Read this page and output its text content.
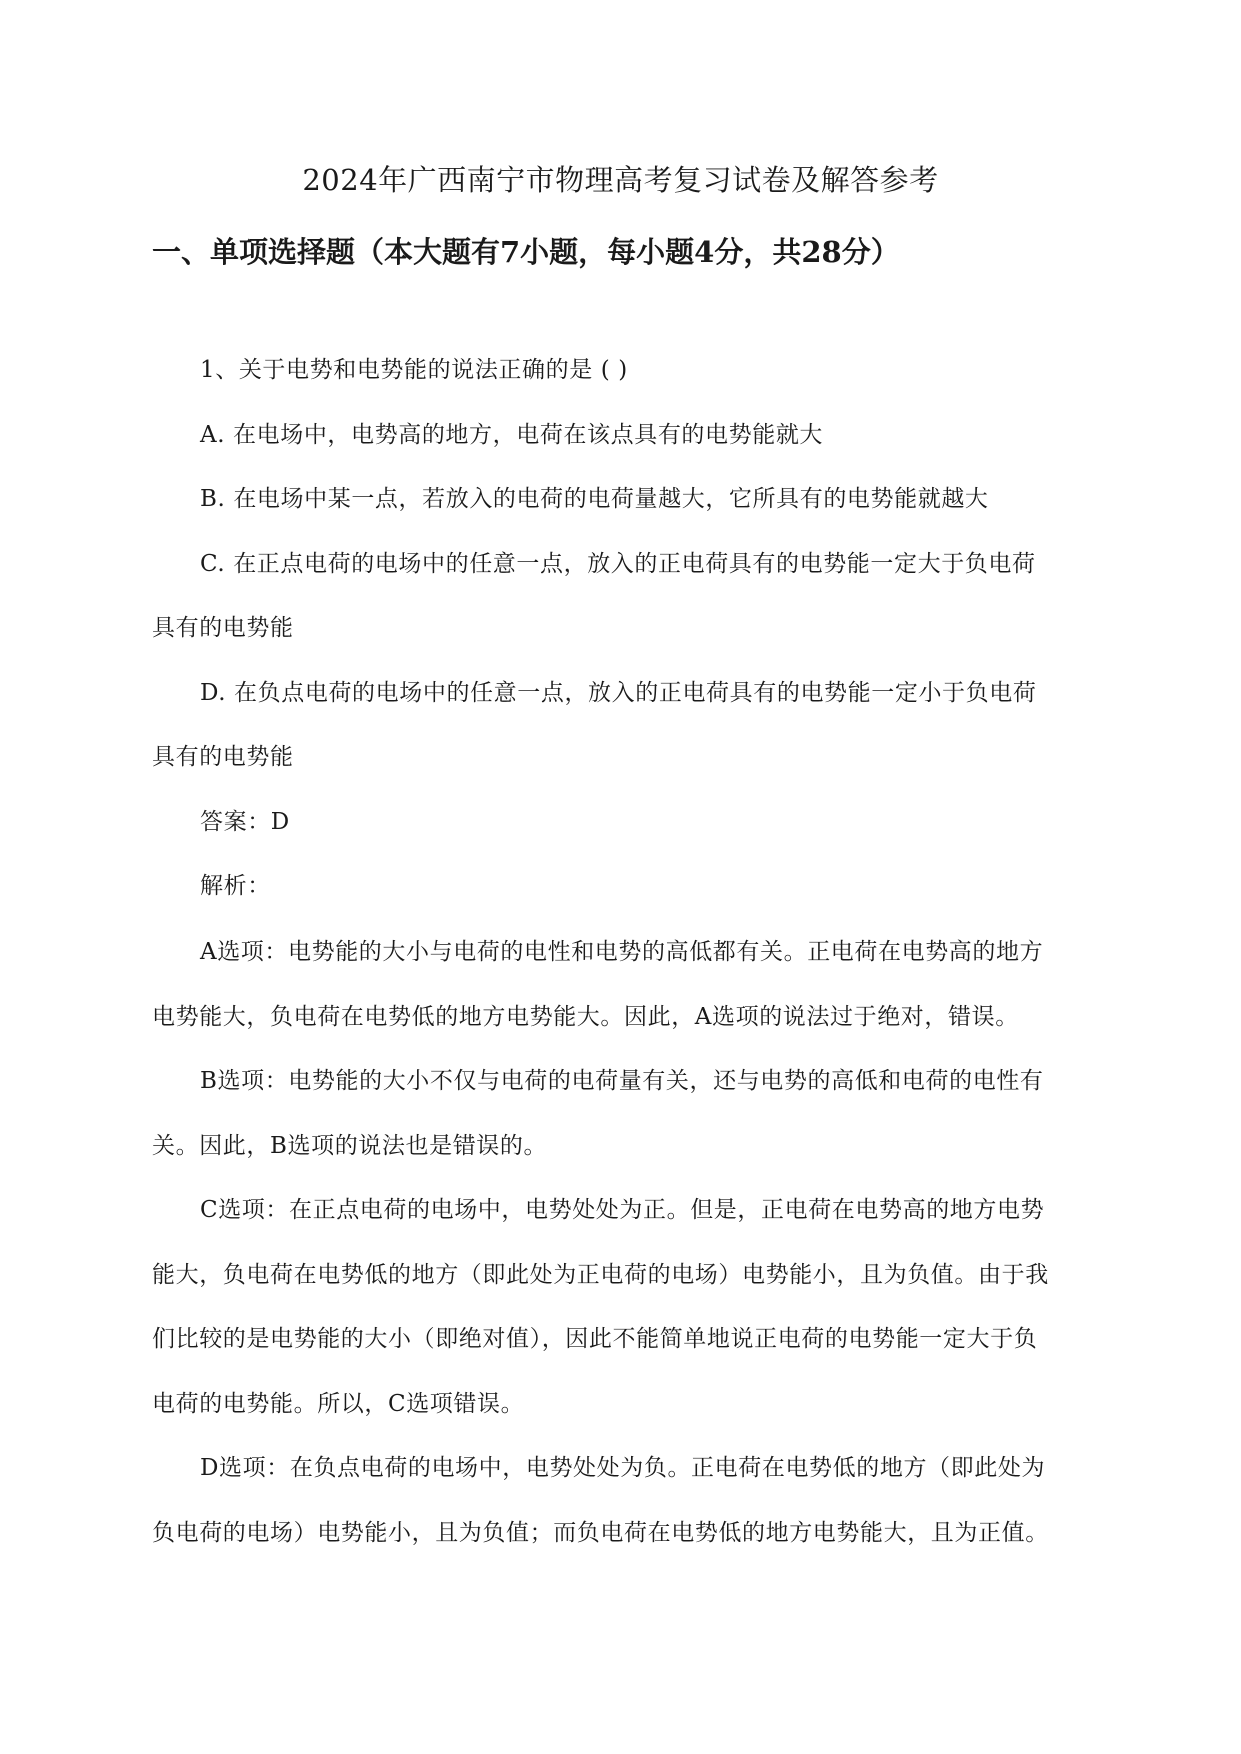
2024年广西南宁市物理高考复习试卷及解答参考
一、单项选择题（本大题有7小题，每小题4分，共28分）
1、关于电势和电势能的说法正确的是 ( )
A. 在电场中，电势高的地方，电荷在该点具有的电势能就大
B. 在电场中某一点，若放入的电荷的电荷量越大，它所具有的电势能就越大
C. 在正点电荷的电场中的任意一点，放入的正电荷具有的电势能一定大于负电荷
具有的电势能
D. 在负点电荷的电场中的任意一点，放入的正电荷具有的电势能一定小于负电荷
具有的电势能
答案：D
解析：
A选项：电势能的大小与电荷的电性和电势的高低都有关。正电荷在电势高的地方
电势能大，负电荷在电势低的地方电势能大。因此，A选项的说法过于绝对，错误。
B选项：电势能的大小不仅与电荷的电荷量有关，还与电势的高低和电荷的电性有
关。因此，B选项的说法也是错误的。
C选项：在正点电荷的电场中，电势处处为正。但是，正电荷在电势高的地方电势
能大，负电荷在电势低的地方（即此处为正电荷的电场）电势能小，且为负值。由于我
们比较的是电势能的大小（即绝对值），因此不能简单地说正电荷的电势能一定大于负
电荷的电势能。所以，C选项错误。
D选项：在负点电荷的电场中，电势处处为负。正电荷在电势低的地方（即此处为
负电荷的电场）电势能小，且为负值；而负电荷在电势低的地方电势能大，且为正值。
